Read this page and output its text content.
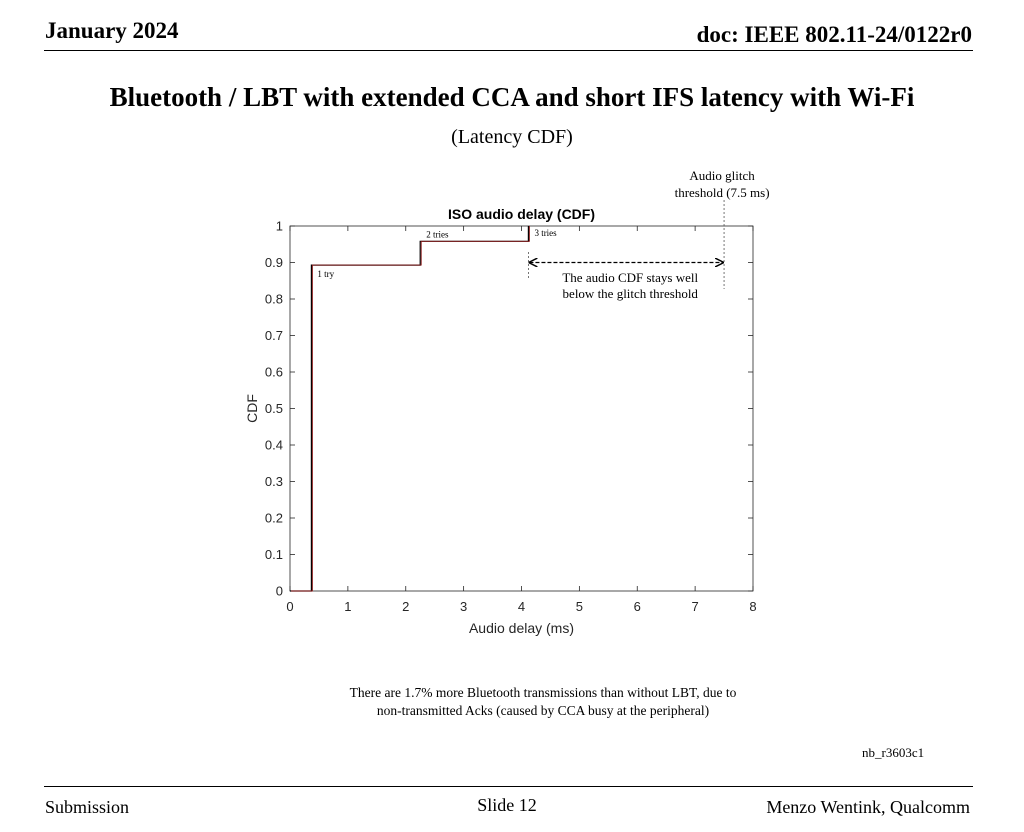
January 2024	doc: IEEE 802.11-24/0122r0
Bluetooth / LBT with extended CCA and short IFS latency with Wi-Fi
(Latency CDF)
0	1	2	3	4	5	6	7	8
0
0.1
0.2
0.3
0.4
0.5
0.6
0.7
0.8
0.9
1
ISO audio delay (CDF)
Audio delay (ms)
CDF
1 try
2 tries	3 tries
Audio glitch threshold (7.5 ms)
The audio CDF stays well below the glitch threshold
There are 1.7% more Bluetooth transmissions than without LBT, due to non-transmitted Acks (caused by CCA busy at the peripheral)
nb_r3603c1
Submission	Slide 12	Menzo Wentink, Qualcomm
